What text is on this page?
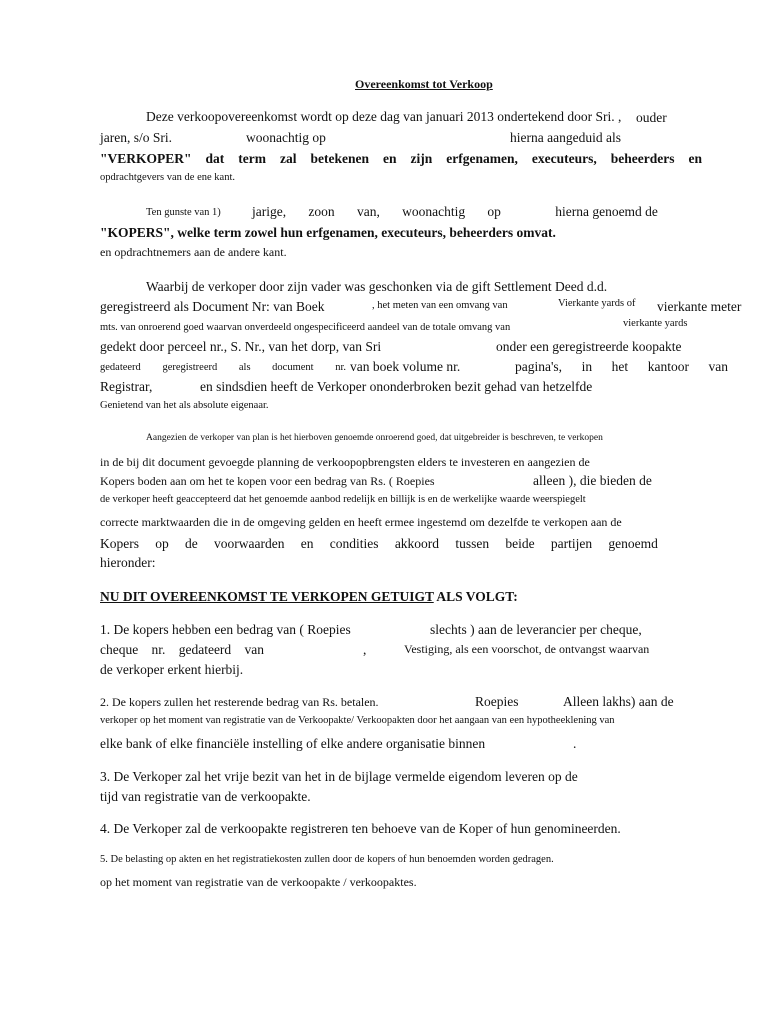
Overeenkomst tot Verkoop
Deze verkoopovereenkomst wordt op deze dag van januari 2013 ondertekend door Sri. , ouder
jaren, s/o Sri.	woonachtig op	hierna aangeduid als
"VERKOPER" dat term zal betekenen en zijn erfgenamen, executeurs, beheerders en
opdrachtgevers van de ene kant.
Ten gunste van 1) jarige, zoon van, woonachtig op	hierna genoemd de
"KOPERS", welke term zowel hun erfgenamen, executeurs, beheerders omvat.
en opdrachtnemers aan de andere kant.
Waarbij de verkoper door zijn vader was geschonken via de gift Settlement Deed d.d.
geregistreerd als Document Nr: van Boek	, het meten van een omvang van	Vierkante yards of vierkante meter
mts. van onroerend goed waarvan onverdeeld ongespecificeerd aandeel van de totale omvang van	vierkante yards
gedekt door perceel nr., S. Nr., van het dorp, van Sri	onder een geregistreerde koopakte
gedateerd geregistreerd als document nr. van boek volume nr.	pagina's, in het kantoor van
Registrar,	en sindsdien heeft de Verkoper ononderbroken bezit gehad van hetzelfde
Genietend van het als absolute eigenaar.
Aangezien de verkoper van plan is het hierboven genoemde onroerend goed, dat uitgebreider is beschreven, te verkopen
in de bij dit document gevoegde planning de verkoopopbrengsten elders te investeren en aangezien de
Kopers boden aan om het te kopen voor een bedrag van Rs. ( Roepies	alleen ), die bieden de
de verkoper heeft geaccepteerd dat het genoemde aanbod redelijk en billijk is en de werkelijke waarde weerspiegelt
correcte marktwaarden die in de omgeving gelden en heeft ermee ingestemd om dezelfde te verkopen aan de
Kopers op de voorwaarden en condities akkoord tussen beide partijen genoemd
hieronder:
NU DIT OVEREENKOMST TE VERKOPEN GETUIGT ALS VOLGT:
1. De kopers hebben een bedrag van ( Roepies	slechts ) aan de leverancier per cheque,
cheque nr. gedateerd van	,	Vestiging, als een voorschot, de ontvangst waarvan
de verkoper erkent hierbij.
2. De kopers zullen het resterende bedrag van Rs. betalen.	Roepies	Alleen lakhs) aan de
verkoper op het moment van registratie van de Verkoopakte/ Verkoopakten door het aangaan van een hypotheeklening van
elke bank of elke financiële instelling of elke andere organisatie binnen	.
3. De Verkoper zal het vrije bezit van het in de bijlage vermelde eigendom leveren op de
tijd van registratie van de verkoopakte.
4. De Verkoper zal de verkoopakte registreren ten behoeve van de Koper of hun genomineerden.
5. De belasting op akten en het registratiekosten zullen door de kopers of hun benoemden worden gedragen.
op het moment van registratie van de verkoopakte / verkoopaktes.
